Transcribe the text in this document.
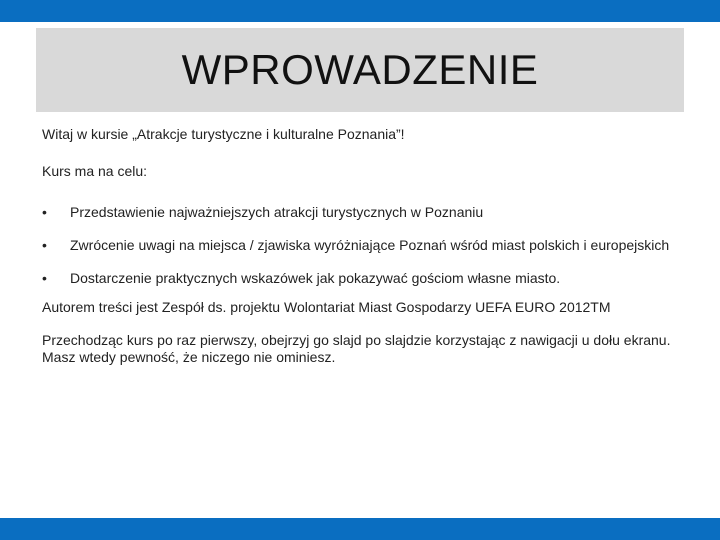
WPROWADZENIE

Witaj w kursie „Atrakcje turystyczne i kulturalne Poznania”!

Kurs ma na celu:

• Przedstawienie najważniejszych atrakcji turystycznych w Poznaniu
• Zwrócenie uwagi na miejsca / zjawiska wyróżniające Poznań wśród miast polskich i europejskich
• Dostarczenie praktycznych wskazówek jak pokazywać gościom własne miasto.

Autorem treści jest Zespół ds. projektu Wolontariat Miast Gospodarzy UEFA EURO 2012TM

Przechodząc kurs po raz pierwszy, obejrzyj go slajd po slajdzie korzystając z nawigacji u dołu ekranu.

Masz wtedy pewność, że niczego nie ominiesz.
